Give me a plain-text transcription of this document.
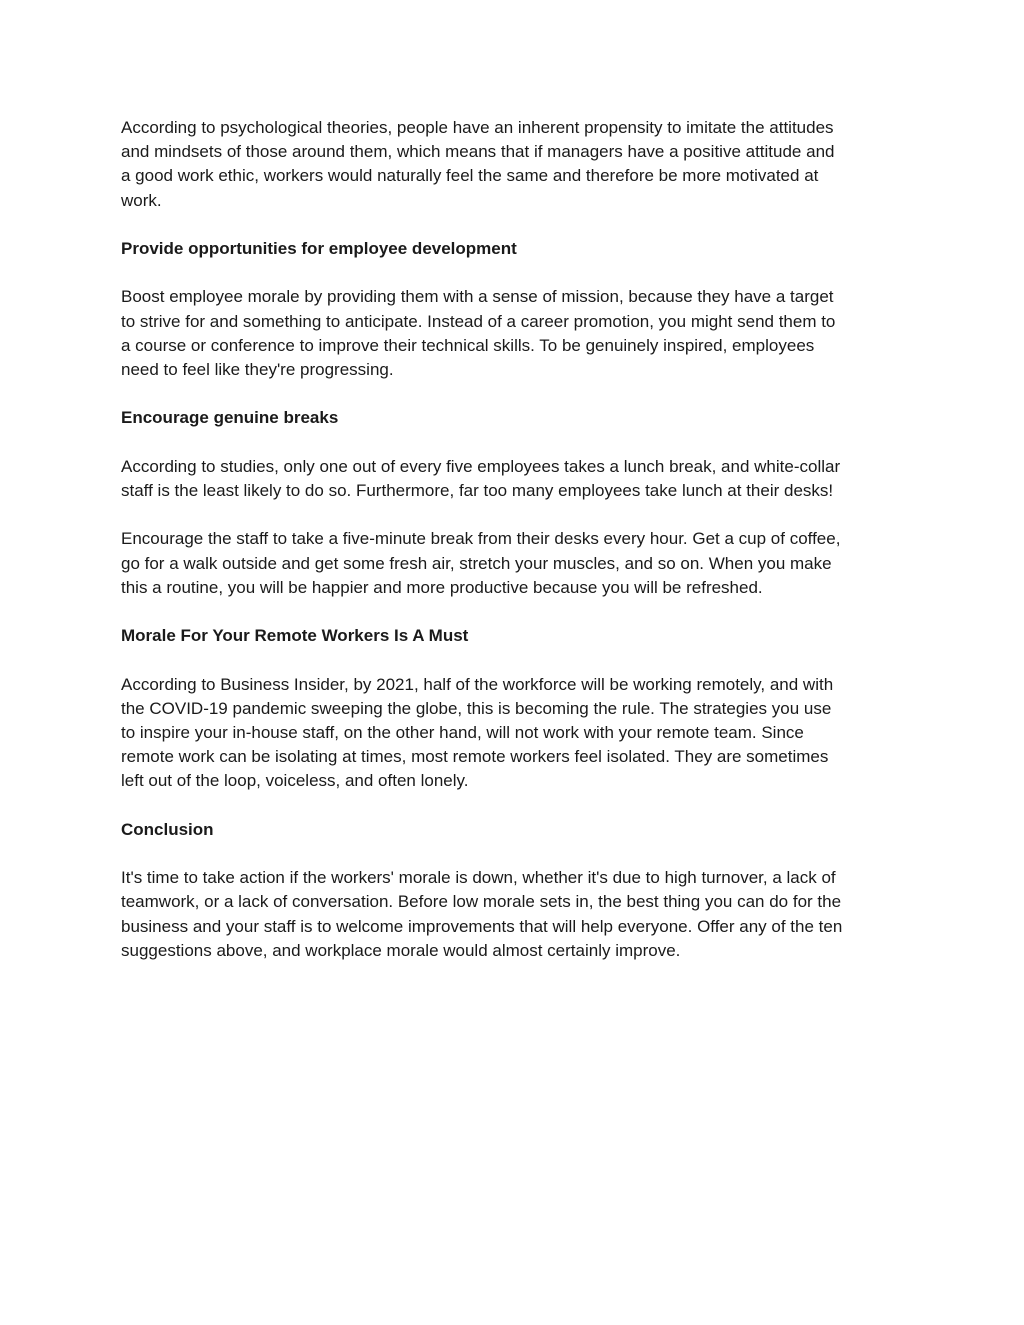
According to psychological theories, people have an inherent propensity to imitate the attitudes
and mindsets of those around them, which means that if managers have a positive attitude and
a good work ethic, workers would naturally feel the same and therefore be more motivated at
work.

Provide opportunities for employee development

Boost employee morale by providing them with a sense of mission, because they have a target
to strive for and something to anticipate. Instead of a career promotion, you might send them to
a course or conference to improve their technical skills. To be genuinely inspired, employees
need to feel like they're progressing.

Encourage genuine breaks

According to studies, only one out of every five employees takes a lunch break, and white-collar
staff is the least likely to do so. Furthermore, far too many employees take lunch at their desks!

Encourage the staff to take a five-minute break from their desks every hour. Get a cup of coffee,
go for a walk outside and get some fresh air, stretch your muscles, and so on. When you make
this a routine, you will be happier and more productive because you will be refreshed.

Morale For Your Remote Workers Is A Must

According to Business Insider, by 2021, half of the workforce will be working remotely, and with
the COVID-19 pandemic sweeping the globe, this is becoming the rule. The strategies you use
to inspire your in-house staff, on the other hand, will not work with your remote team. Since
remote work can be isolating at times, most remote workers feel isolated. They are sometimes
left out of the loop, voiceless, and often lonely.

Conclusion

It's time to take action if the workers' morale is down, whether it's due to high turnover, a lack of
teamwork, or a lack of conversation. Before low morale sets in, the best thing you can do for the
business and your staff is to welcome improvements that will help everyone. Offer any of the ten
suggestions above, and workplace morale would almost certainly improve.
